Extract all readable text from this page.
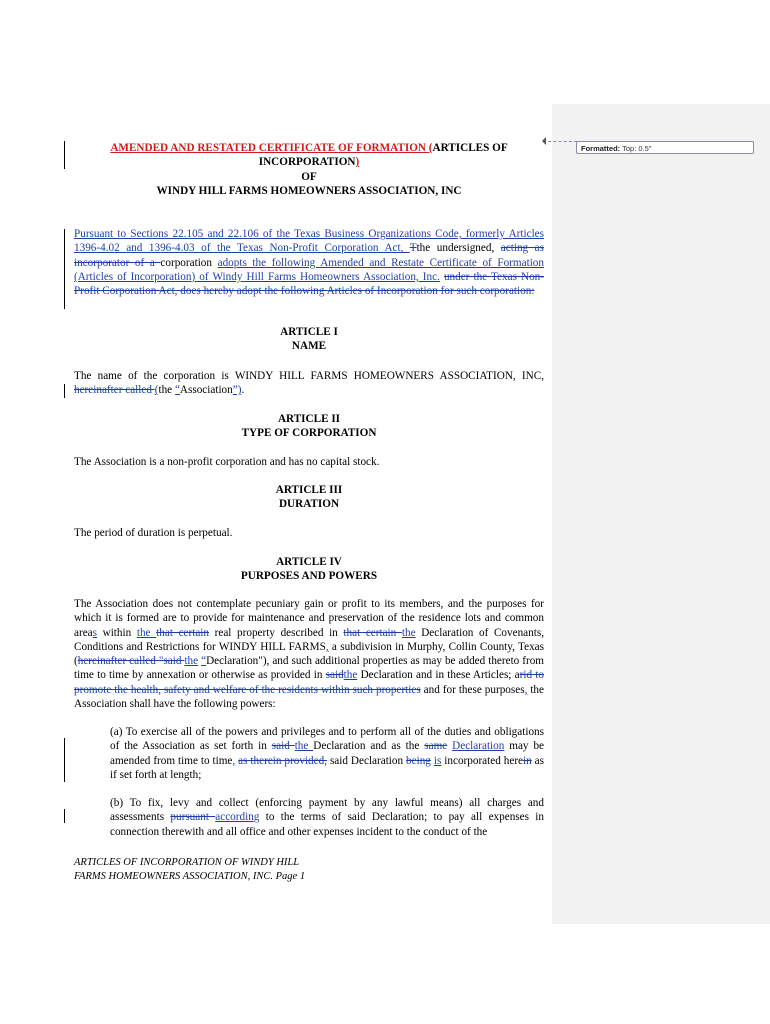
AMENDED AND RESTATED CERTIFICATE OF FORMATION (ARTICLES OF
INCORPORATION)
OF
WINDY HILL FARMS HOMEOWNERS ASSOCIATION, INC
Pursuant to Sections 22.105 and 22.106 of the Texas Business Organizations Code, formerly Articles 1396-4.02 and 1396-4.03 of the Texas Non-Profit Corporation Act, Tthe undersigned, acting as incorporator of a corporation adopts the following Amended and Restate Certificate of Formation (Articles of Incorporation) of Windy Hill Farms Homeowners Association, Inc. under the Texas Non-Profit Corporation Act, does hereby adopt the following Articles of Incorporation for such corporation:
ARTICLE I
NAME
The name of the corporation is WINDY HILL FARMS HOMEOWNERS ASSOCIATION, INC, hereinafter called (the “Association”).
ARTICLE II
TYPE OF CORPORATION
The Association is a non-profit corporation and has no capital stock.
ARTICLE III
DURATION
The period of duration is perpetual.
ARTICLE IV
PURPOSES AND POWERS
The Association does not contemplate pecuniary gain or profit to its members, and the purposes for which it is formed are to provide for maintenance and preservation of the residence lots and common areas within the that certain real property described in that certain the Declaration of Covenants, Conditions and Restrictions for WINDY HILL FARMS, a subdivision in Murphy, Collin County, Texas (hereinafter called "said the “Declaration"), and such additional properties as may be added thereto from time to time by annexation or otherwise as provided in saidthe Declaration and in these Articles; arid to promote the health, safety and welfare of the residents within such properties and for these purposes, the Association shall have the following powers:
(a) To exercise all of the powers and privileges and to perform all of the duties and obligations of the Association as set forth in said the Declaration and as the same Declaration may be amended from time to time, as therein provided, said Declaration being is incorporated herein as if set forth at length;
(b) To fix, levy and collect (enforcing payment by any lawful means) all charges and assessments pursuant according to the terms of said Declaration; to pay all expenses in connection therewith and all office and other expenses incident to the conduct of the
ARTICLES OF INCORPORATION OF WINDY HILL
FARMS HOMEOWNERS ASSOCIATION, INC. Page 1
Formatted: Top: 0.5"
